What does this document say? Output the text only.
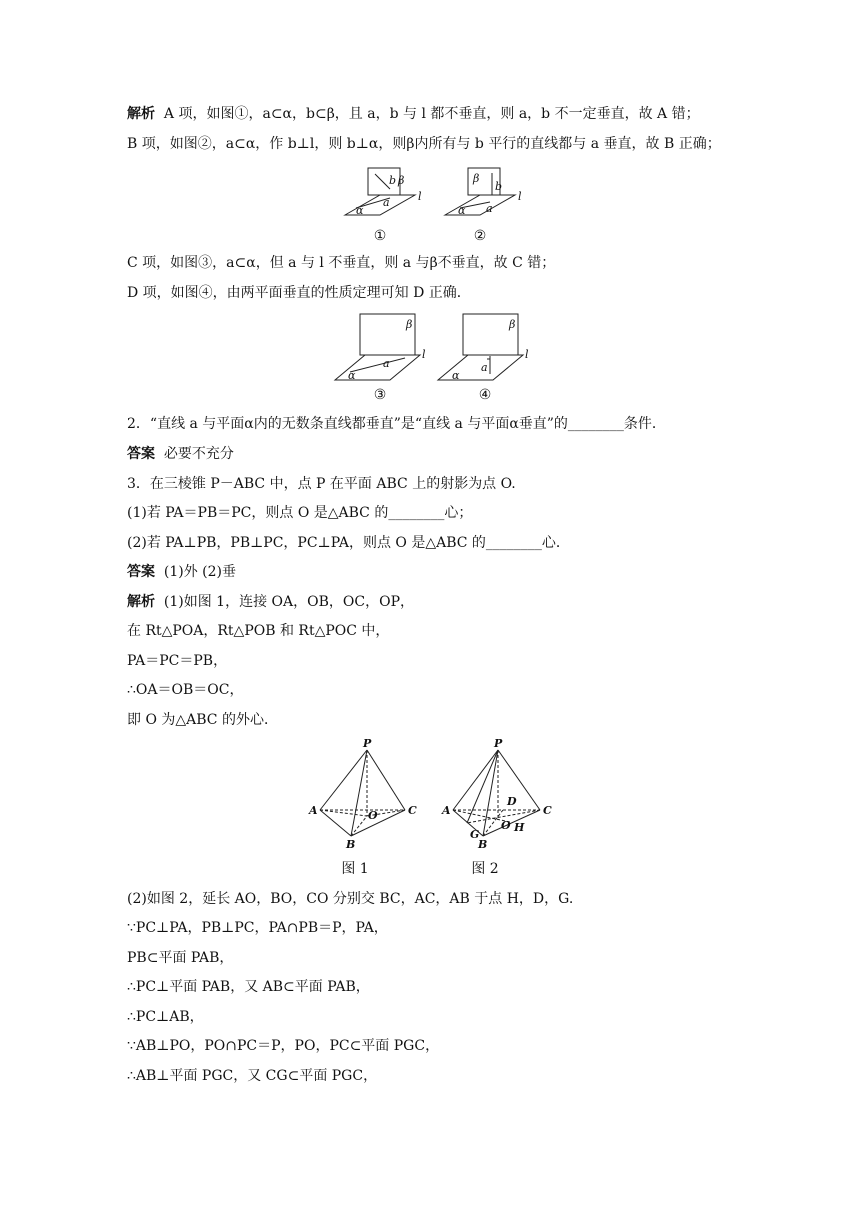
解析 A 项，如图①，a⊂α，b⊂β，且 a，b 与 l 都不垂直，则 a，b 不一定垂直，故 A 错；
B 项，如图②，a⊂α，作 b⊥l，则 b⊥α，则β内所有与 b 平行的直线都与 a 垂直，故 B 正确；
b β
l
α
a
β
b
l
α a
①	②
C 项，如图③，a⊂α，但 a 与 l 不垂直，则 a 与β不垂直，故 C 错；
D 项，如图④，由两平面垂直的性质定理可知 D 正确．
β
l
α
a
β
l
α
a
③	④
2．“直线 a 与平面α内的无数条直线都垂直”是“直线 a 与平面α垂直”的________条件．
答案 必要不充分
3．在三棱锥 P－ABC 中，点 P 在平面 ABC 上的射影为点 O.
(1)若 PA＝PB＝PC，则点 O 是△ABC 的________心；
(2)若 PA⊥PB，PB⊥PC，PC⊥PA，则点 O 是△ABC 的________心．
答案 (1)外 (2)垂
解析 (1)如图 1，连接 OA，OB，OC，OP，
在 Rt△POA，Rt△POB 和 Rt△POC 中，
PA＝PC＝PB，
∴OA＝OB＝OC，
即 O 为△ABC 的外心．
P
A	C
B
O
P
A	C
B
O
D
G
H
图 1	图 2
(2)如图 2，延长 AO，BO，CO 分别交 BC，AC，AB 于点 H，D，G.
∵PC⊥PA，PB⊥PC，PA∩PB＝P，PA，
PB⊂平面 PAB，
∴PC⊥平面 PAB，又 AB⊂平面 PAB，
∴PC⊥AB，
∵AB⊥PO，PO∩PC＝P，PO，PC⊂平面 PGC，
∴AB⊥平面 PGC，又 CG⊂平面 PGC，
